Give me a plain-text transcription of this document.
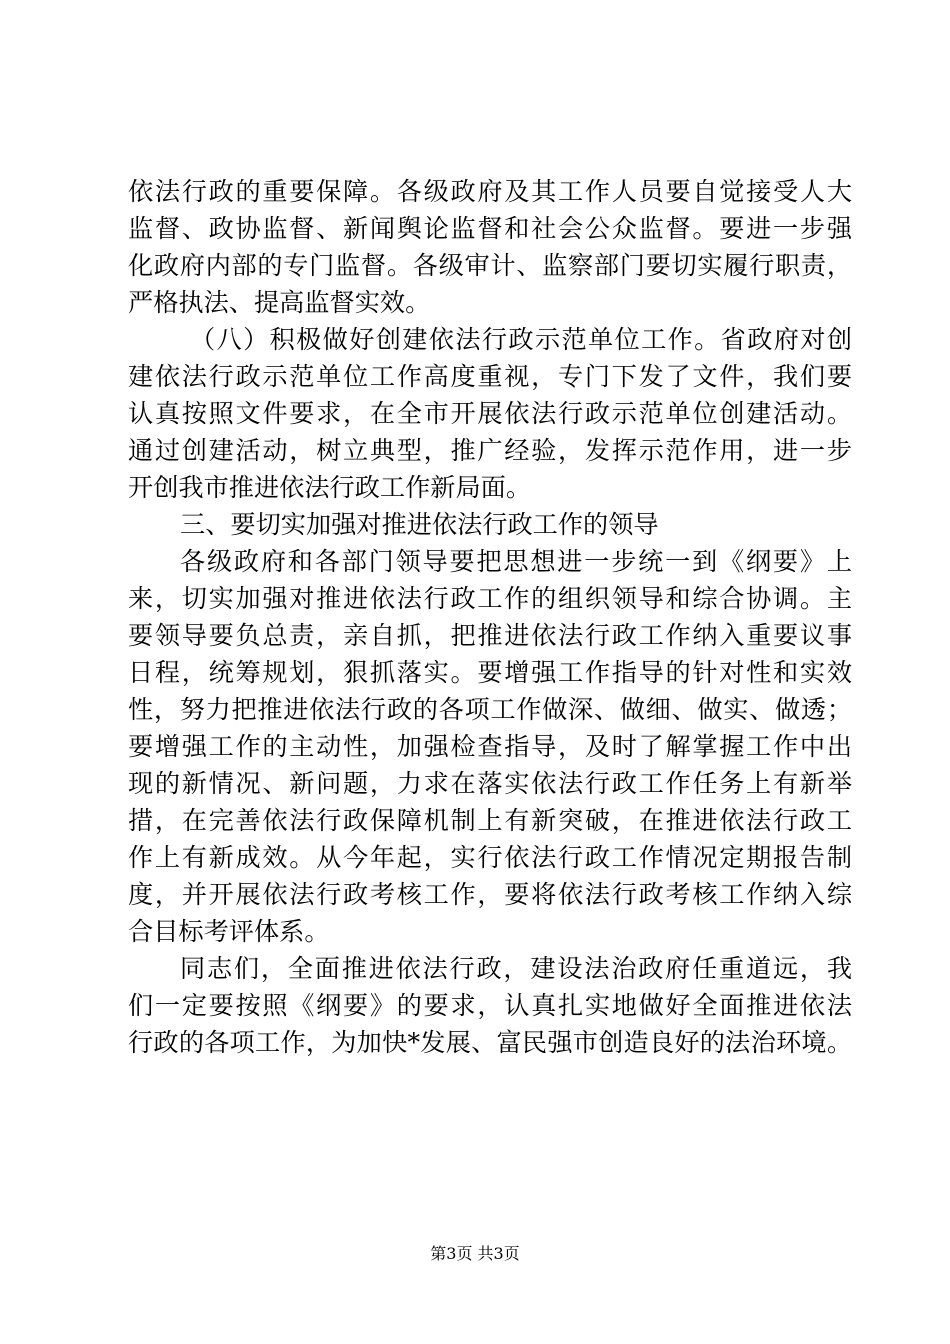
依法行政的重要保障。各级政府及其工作人员要自觉接受人大
监督、政协监督、新闻舆论监督和社会公众监督。要进一步强
化政府内部的专门监督。各级审计、监察部门要切实履行职责，
严格执法、提高监督实效。
（八）积极做好创建依法行政示范单位工作。省政府对创
建依法行政示范单位工作高度重视，专门下发了文件，我们要
认真按照文件要求，在全市开展依法行政示范单位创建活动。
通过创建活动，树立典型，推广经验，发挥示范作用，进一步
开创我市推进依法行政工作新局面。
三、要切实加强对推进依法行政工作的领导
各级政府和各部门领导要把思想进一步统一到《纲要》上
来，切实加强对推进依法行政工作的组织领导和综合协调。主
要领导要负总责，亲自抓，把推进依法行政工作纳入重要议事
日程，统筹规划，狠抓落实。要增强工作指导的针对性和实效
性，努力把推进依法行政的各项工作做深、做细、做实、做透；
要增强工作的主动性，加强检查指导，及时了解掌握工作中出
现的新情况、新问题，力求在落实依法行政工作任务上有新举
措，在完善依法行政保障机制上有新突破，在推进依法行政工
作上有新成效。从今年起，实行依法行政工作情况定期报告制
度，并开展依法行政考核工作，要将依法行政考核工作纳入综
合目标考评体系。
同志们，全面推进依法行政，建设法治政府任重道远，我
们一定要按照《纲要》的要求，认真扎实地做好全面推进依法
行政的各项工作，为加快*发展、富民强市创造良好的法治环境。
第3页 共3页
